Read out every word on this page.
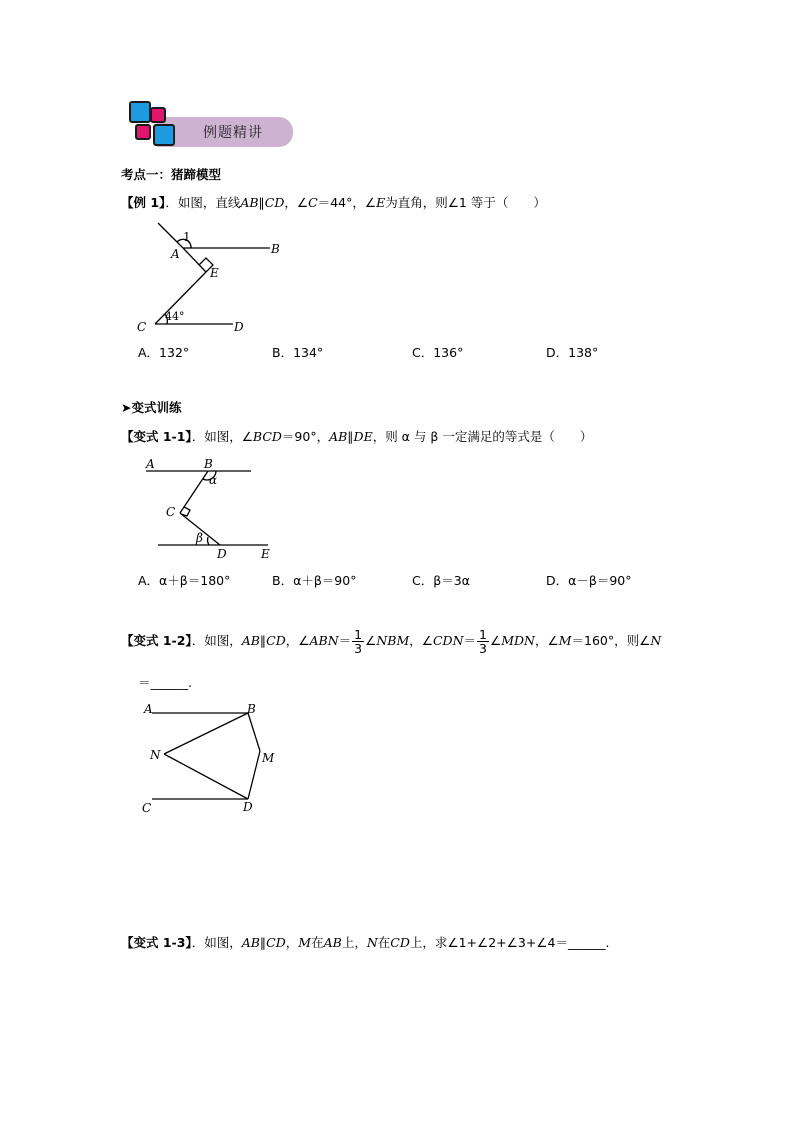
例题精讲
考点一：猪蹄模型
【例 1】．如图，直线AB∥CD，∠C＝44°，∠E为直角，则∠1 等于（　　）
1
A	B
E
C	D
44°
A．132°	B．134°	C．136°	D．138°
➤变式训练
【变式 1-1】．如图，∠BCD＝90°，AB∥DE，则 α 与 β 一定满足的等式是（　　）
A	B
α
C
β
D	E
A．α＋β＝180°	B．α＋β＝90°	C．β＝3α	D．α－β＝90°
【变式 1-2】．如图，AB∥CD，∠ABN＝ $\frac{1}{3}$ ∠NBM，∠CDN＝ $\frac{1}{3}$ ∠MDN，∠M＝160°，则∠N
＝______.
A	B
N	M
C	D
【变式 1-3】．如图，AB∥CD，M在AB上，N在CD上，求∠1+∠2+∠3+∠4＝______.
